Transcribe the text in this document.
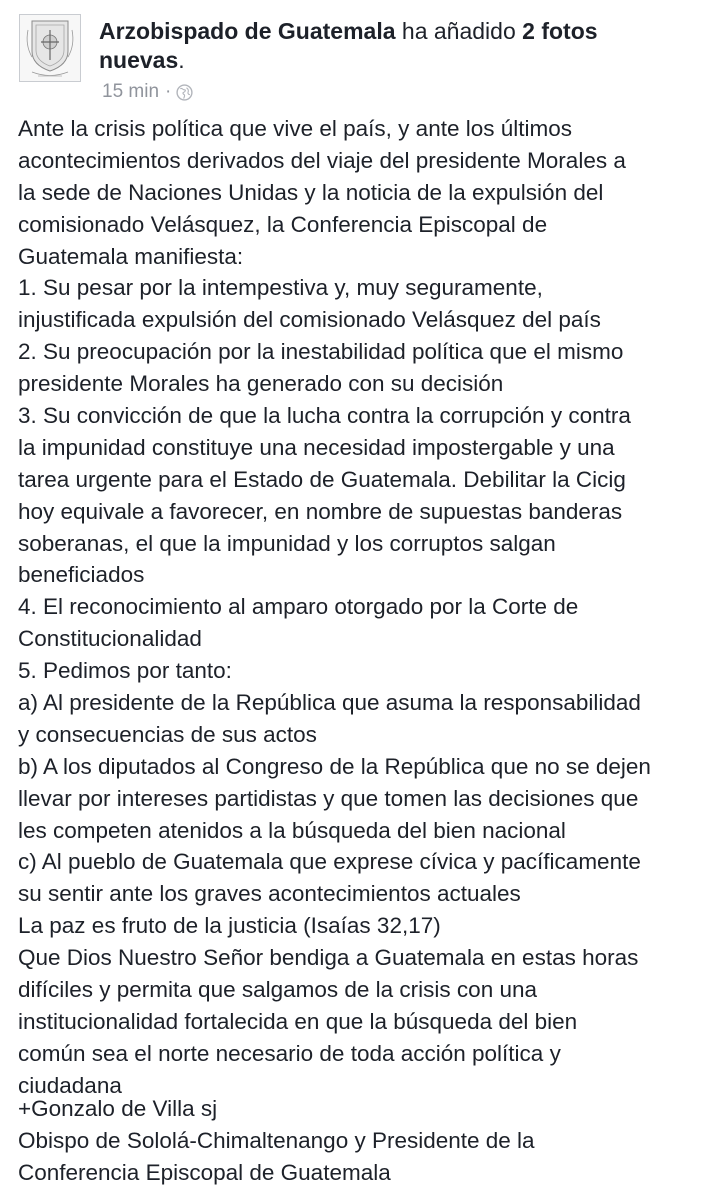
Arzobispado de Guatemala ha añadido 2 fotos
nuevas.
15 min ·
Ante la crisis política que vive el país, y ante los últimos
acontecimientos derivados del viaje del presidente Morales a
la sede de Naciones Unidas y la noticia de la expulsión del
comisionado Velásquez, la Conferencia Episcopal de
Guatemala manifiesta:
1. Su pesar por la intempestiva y, muy seguramente,
injustificada expulsión del comisionado Velásquez del país
2. Su preocupación por la inestabilidad política que el mismo
presidente Morales ha generado con su decisión
3. Su convicción de que la lucha contra la corrupción y contra
la impunidad constituye una necesidad impostergable y una
tarea urgente para el Estado de Guatemala. Debilitar la Cicig
hoy equivale a favorecer, en nombre de supuestas banderas
soberanas, el que la impunidad y los corruptos salgan
beneficiados
4. El reconocimiento al amparo otorgado por la Corte de
Constitucionalidad
5. Pedimos por tanto:
a) Al presidente de la República que asuma la responsabilidad
y consecuencias de sus actos
b) A los diputados al Congreso de la República que no se dejen
llevar por intereses partidistas y que tomen las decisiones que
les competen atenidos a la búsqueda del bien nacional
c) Al pueblo de Guatemala que exprese cívica y pacíficamente
su sentir ante los graves acontecimientos actuales
La paz es fruto de la justicia (Isaías 32,17)
Que Dios Nuestro Señor bendiga a Guatemala en estas horas
difíciles y permita que salgamos de la crisis con una
institucionalidad fortalecida en que la búsqueda del bien
común sea el norte necesario de toda acción política y
ciudadana
+Gonzalo de Villa sj
Obispo de Sololá-Chimaltenango y Presidente de la
Conferencia Episcopal de Guatemala
